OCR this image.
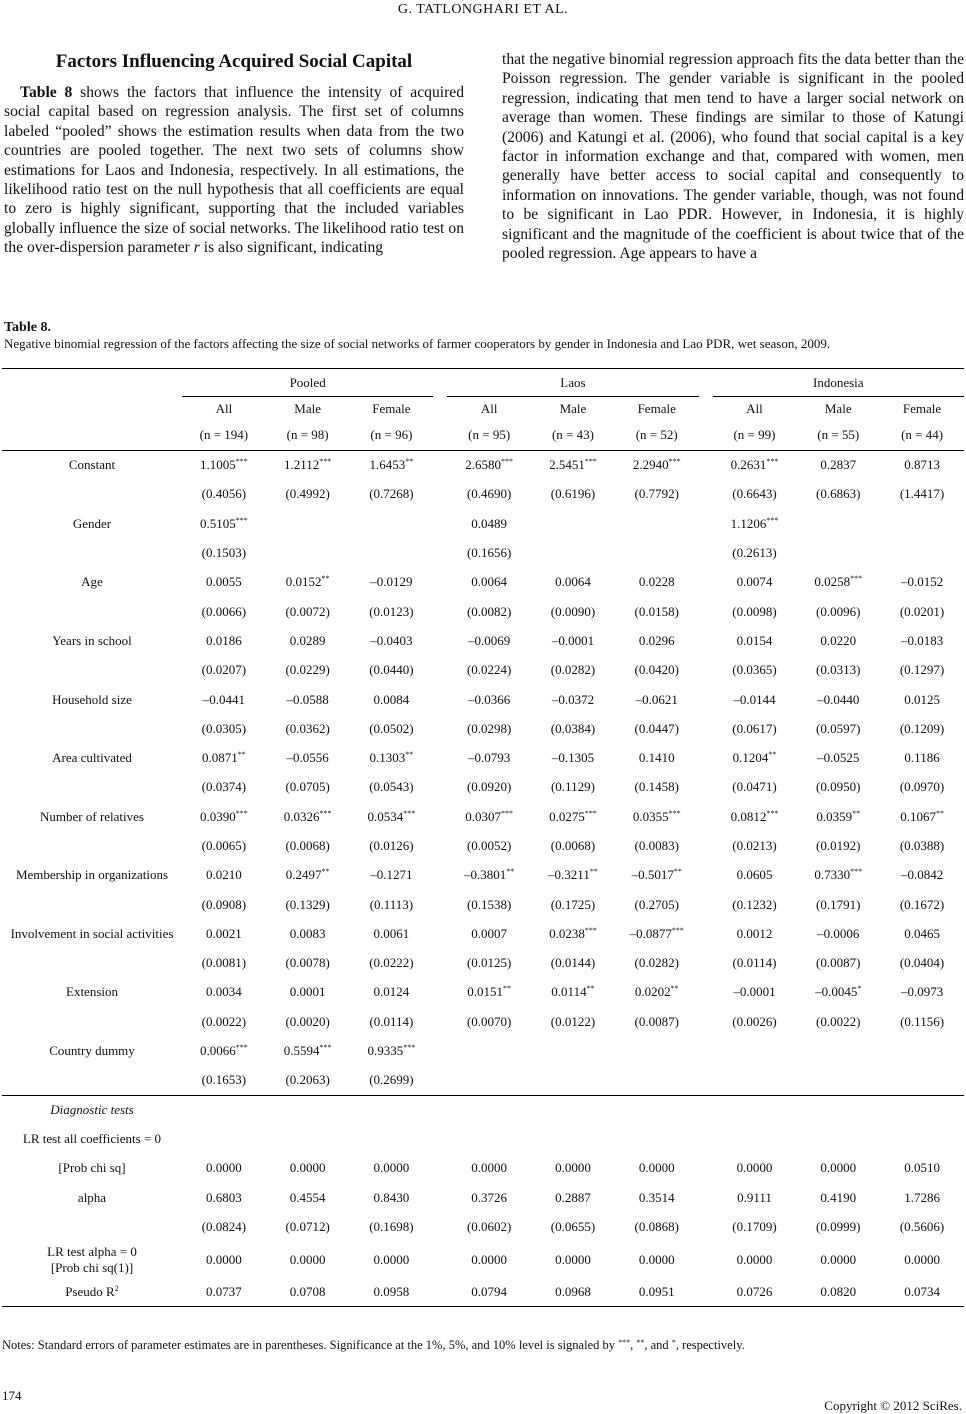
G. TATLONGHARI ET AL.
Factors Influencing Acquired Social Capital

Table 8 shows the factors that influence the intensity of acquired social capital based on regression analysis. The first set of columns labeled “pooled” shows the estimation results when data from the two countries are pooled together. The next two sets of columns show estimations for Laos and Indonesia, respectively. In all estimations, the likelihood ratio test on the null hypothesis that all coefficients are equal to zero is highly significant, supporting that the included variables globally influence the size of social networks. The likelihood ratio test on the over-dispersion parameter r is also significant, indicating

that the negative binomial regression approach fits the data better than the Poisson regression. The gender variable is significant in the pooled regression, indicating that men tend to have a larger social network on average than women. These findings are similar to those of Katungi (2006) and Katungi et al. (2006), who found that social capital is a key factor in information exchange and that, compared with women, men generally have better access to social capital and consequently to information on innovations. The gender variable, though, was not found to be significant in Lao PDR. However, in Indonesia, it is highly significant and the magnitude of the coefficient is about twice that of the pooled regression. Age appears to have a

Table 8.
Negative binomial regression of the factors affecting the size of social networks of farmer cooperators by gender in Indonesia and Lao PDR, wet season, 2009.
	Pooled				Laos				Indonesia		
	All	Male	Female		All	Male	Female		All	Male	Female
	(n = 194)	(n = 98)	(n = 96)		(n = 95)	(n = 43)	(n = 52)		(n = 99)	(n = 55)	(n = 44)
Constant	1.1005***	1.2112***	1.6453**		2.6580***	2.5451***	2.2940***		0.2631***	0.2837	0.8713
	(0.4056)	(0.4992)	(0.7268)		(0.4690)	(0.6196)	(0.7792)		(0.6643)	(0.6863)	(1.4417)
Gender	0.5105***				0.0489				1.1206***		
	(0.1503)				(0.1656)				(0.2613)		
Age	0.0055	0.0152**	–0.0129		0.0064	0.0064	0.0228		0.0074	0.0258***	–0.0152
	(0.0066)	(0.0072)	(0.0123)		(0.0082)	(0.0090)	(0.0158)		(0.0098)	(0.0096)	(0.0201)
Years in school	0.0186	0.0289	–0.0403		–0.0069	–0.0001	0.0296		0.0154	0.0220	–0.0183
	(0.0207)	(0.0229)	(0.0440)		(0.0224)	(0.0282)	(0.0420)		(0.0365)	(0.0313)	(0.1297)
Household size	–0.0441	–0.0588	0.0084		–0.0366	–0.0372	–0.0621		–0.0144	–0.0440	0.0125
	(0.0305)	(0.0362)	(0.0502)		(0.0298)	(0.0384)	(0.0447)		(0.0617)	(0.0597)	(0.1209)
Area cultivated	0.0871**	–0.0556	0.1303**		–0.0793	–0.1305	0.1410		0.1204**	–0.0525	0.1186
	(0.0374)	(0.0705)	(0.0543)		(0.0920)	(0.1129)	(0.1458)		(0.0471)	(0.0950)	(0.0970)
Number of relatives	0.0390***	0.0326***	0.0534***		0.0307***	0.0275***	0.0355***		0.0812***	0.0359**	0.1067**
	(0.0065)	(0.0068)	(0.0126)		(0.0052)	(0.0068)	(0.0083)		(0.0213)	(0.0192)	(0.0388)
Membership in organizations	0.0210	0.2497**	–0.1271		–0.3801**	–0.3211**	–0.5017**		0.0605	0.7330***	–0.0842
	(0.0908)	(0.1329)	(0.1113)		(0.1538)	(0.1725)	(0.2705)		(0.1232)	(0.1791)	(0.1672)
Involvement in social activities	0.0021	0.0083	0.0061		0.0007	0.0238***	–0.0877***		0.0012	–0.0006	0.0465
	(0.0081)	(0.0078)	(0.0222)		(0.0125)	(0.0144)	(0.0282)		(0.0114)	(0.0087)	(0.0404)
Extension	0.0034	0.0001	0.0124		0.0151**	0.0114**	0.0202**		–0.0001	–0.0045*	–0.0973
	(0.0022)	(0.0020)	(0.0114)		(0.0070)	(0.0122)	(0.0087)		(0.0026)	(0.0022)	(0.1156)
Country dummy	0.0066***	0.5594***	0.9335***								
	(0.1653)	(0.2063)	(0.2699)								
Diagnostic tests											
LR test all coefficients = 0											
[Prob chi sq]	0.0000	0.0000	0.0000		0.0000	0.0000	0.0000		0.0000	0.0000	0.0510
alpha	0.6803	0.4554	0.8430		0.3726	0.2887	0.3514		0.9111	0.4190	1.7286
	(0.0824)	(0.0712)	(0.1698)		(0.0602)	(0.0655)	(0.0868)		(0.1709)	(0.0999)	(0.5606)
LR test alpha = 0
[Prob chi sq(1)]	0.0000	0.0000	0.0000		0.0000	0.0000	0.0000		0.0000	0.0000	0.0000
Pseudo $R^2$	0.0737	0.0708	0.0958		0.0794	0.0968	0.0951		0.0726	0.0820	0.0734
Notes: Standard errors of parameter estimates are in parentheses. Significance at the 1%, 5%, and 10% level is signaled by ***, **, and *, respectively.
174
Copyright © 2012 SciRes.
